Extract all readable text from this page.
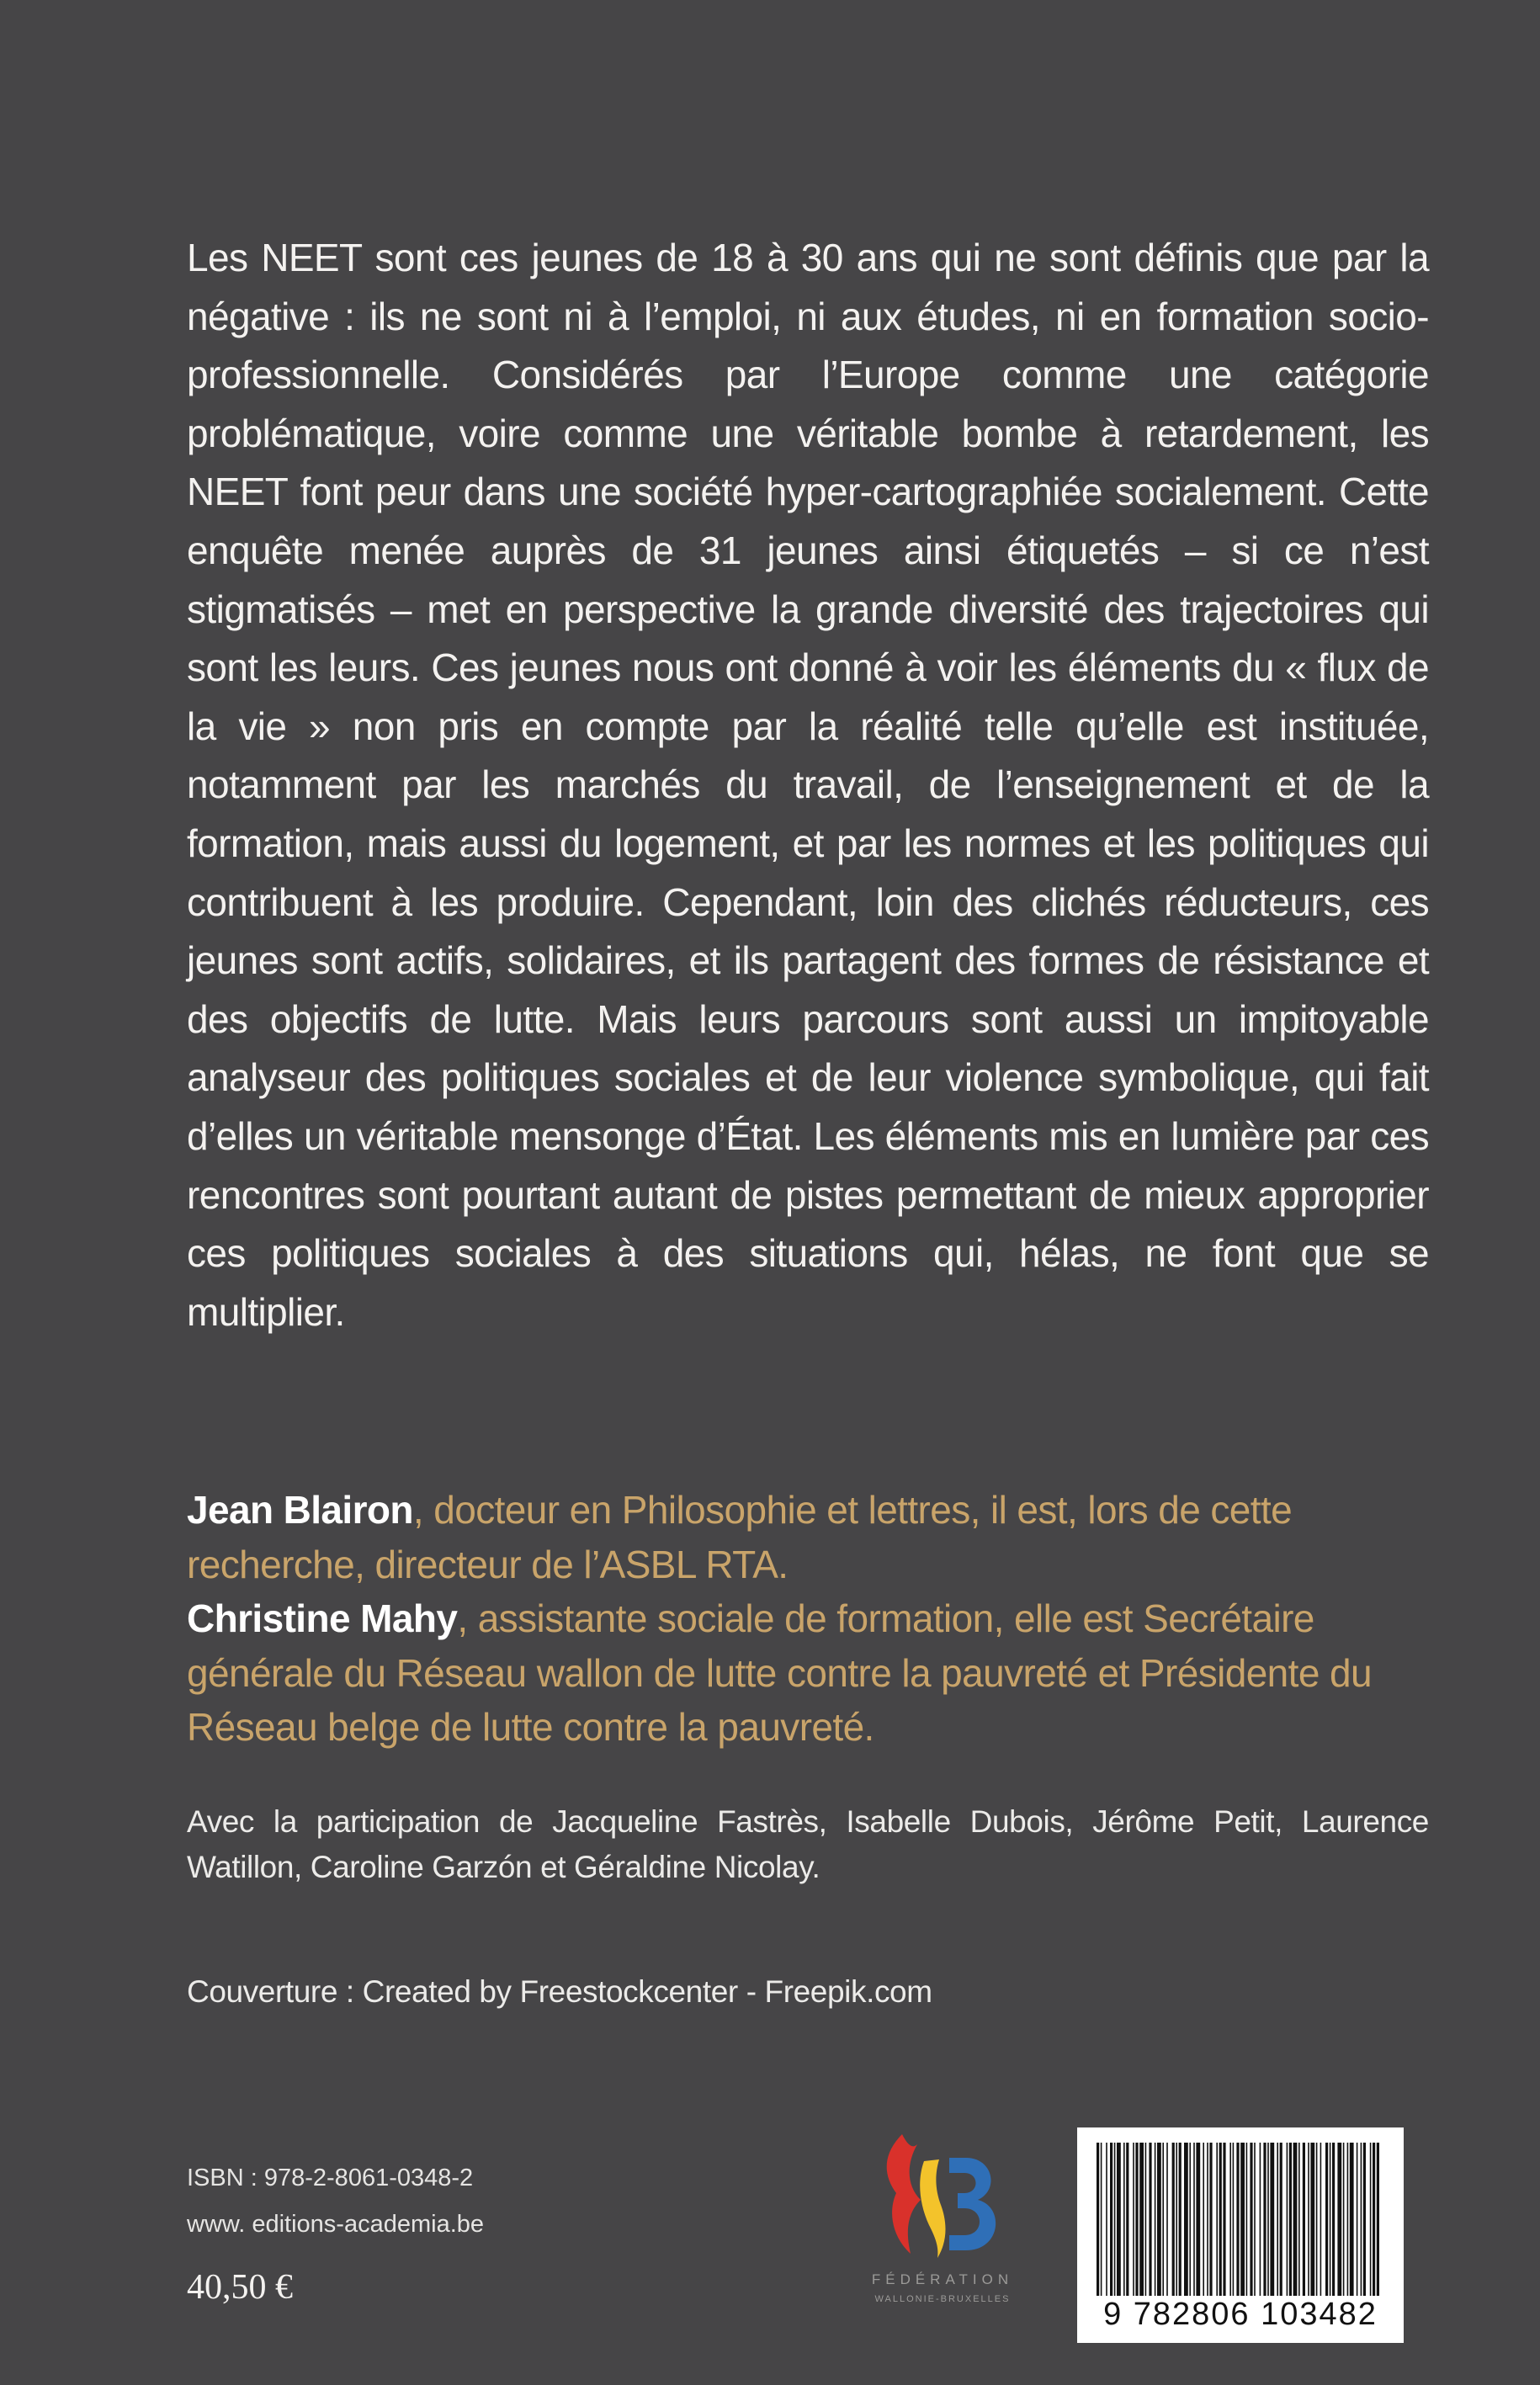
Les NEET sont ces jeunes de 18 à 30 ans qui ne sont définis que par la négative : ils ne sont ni à l’emploi, ni aux études, ni en formation socio-professionnelle. Considérés par l’Europe comme une catégorie problématique, voire comme une véritable bombe à retardement, les NEET font peur dans une société hyper-cartographiée socialement. Cette enquête menée auprès de 31 jeunes ainsi étiquetés – si ce n’est stigmatisés – met en perspective la grande diversité des trajectoires qui sont les leurs. Ces jeunes nous ont donné à voir les éléments du « flux de la vie » non pris en compte par la réalité telle qu’elle est instituée, notamment par les marchés du travail, de l’enseignement et de la formation, mais aussi du logement, et par les normes et les politiques qui contribuent à les produire. Cependant, loin des clichés réducteurs, ces jeunes sont actifs, solidaires, et ils partagent des formes de résistance et des objectifs de lutte. Mais leurs parcours sont aussi un impitoyable analyseur des politiques sociales et de leur violence symbolique, qui fait d’elles un véritable mensonge d’État. Les éléments mis en lumière par ces rencontres sont pourtant autant de pistes permettant de mieux approprier ces politiques sociales à des situations qui, hélas, ne font que se multiplier.
Jean Blairon, docteur en Philosophie et lettres, il est, lors de cette recherche, directeur de l’ASBL RTA.
Christine Mahy, assistante sociale de formation, elle est Secrétaire générale du Réseau wallon de lutte contre la pauvreté et Présidente du Réseau belge de lutte contre la pauvreté.
Avec la participation de Jacqueline Fastrès, Isabelle Dubois, Jérôme Petit, Laurence Watillon, Caroline Garzón et Géraldine Nicolay.
Couverture : Created by Freestockcenter - Freepik.com
ISBN : 978-2-8061-0348-2
www. editions-academia.be
40,50 €	FÉDÉRATION
WALLONIE-BRUXELLES	9 782806 103482
